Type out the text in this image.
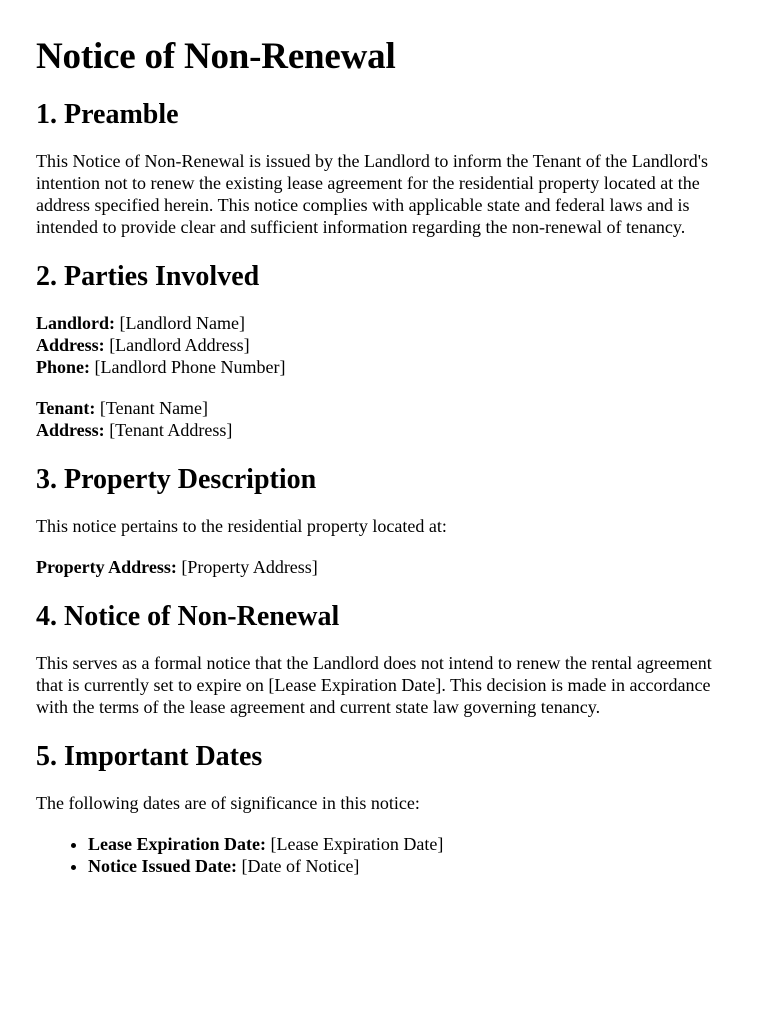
Notice of Non-Renewal
1. Preamble

This Notice of Non-Renewal is issued by the Landlord to inform the Tenant of the Landlord's intention not to renew the existing lease agreement for the residential property located at the address specified herein. This notice complies with applicable state and federal laws and is intended to provide clear and sufficient information regarding the non-renewal of tenancy.

2. Parties Involved
Landlord: [Landlord Name]
Address: [Landlord Address]
Phone: [Landlord Phone Number]
Tenant: [Tenant Name]
Address: [Tenant Address]
3. Property Description

This notice pertains to the residential property located at:

Property Address: [Property Address]
4. Notice of Non-Renewal

This serves as a formal notice that the Landlord does not intend to renew the rental agreement that is currently set to expire on [Lease Expiration Date]. This decision is made in accordance with the terms of the lease agreement and current state law governing tenancy.

5. Important Dates

The following dates are of significance in this notice:

• Lease Expiration Date: [Lease Expiration Date]
• Notice Issued Date: [Date of Notice]
